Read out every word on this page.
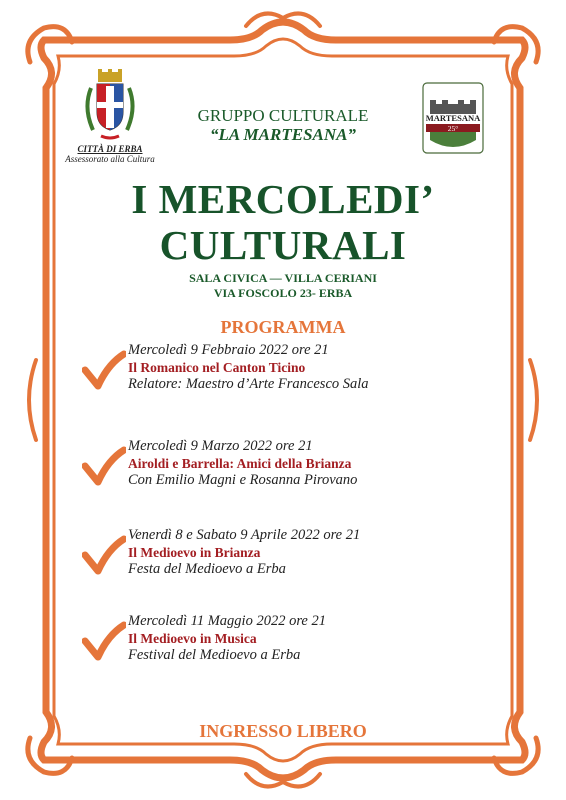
CITTÀ DI ERBA
Assessorato alla Cultura
MARTESANA
25°
GRUPPO CULTURALE
“LA MARTESANA”
I MERCOLEDI’
CULTURALI
SALA CIVICA — VILLA CERIANI
VIA FOSCOLO 23- ERBA
PROGRAMMA
Mercoledì 9 Febbraio 2022 ore 21
Il Romanico nel Canton Ticino
Relatore: Maestro d’Arte Francesco Sala
Mercoledì 9 Marzo 2022 ore 21
Airoldi e Barrella: Amici della Brianza
Con Emilio Magni e Rosanna Pirovano
Venerdì 8 e Sabato 9 Aprile 2022 ore 21
Il Medioevo in Brianza
Festa del Medioevo a Erba
Mercoledì 11 Maggio 2022 ore 21
Il Medioevo in Musica
Festival del Medioevo a Erba
INGRESSO LIBERO
